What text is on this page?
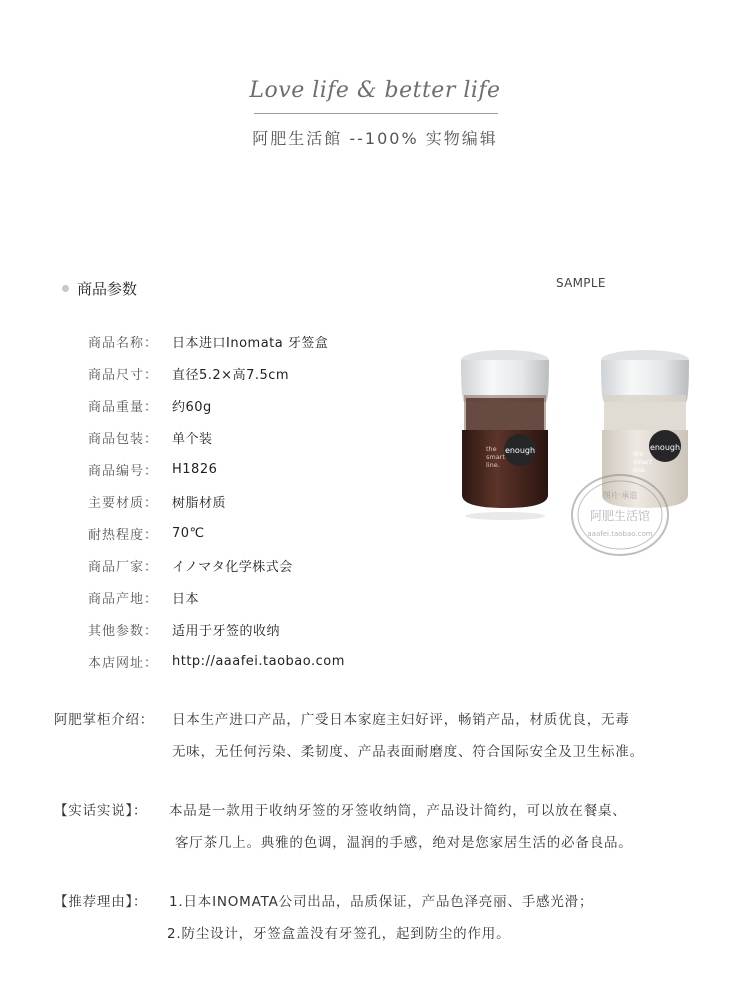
Love life & better life
阿肥生活館 --100% 实物编辑
商品参数	SAMPLE
商品名称：	日本进口Inomata 牙签盒
商品尺寸：	直径5.2×高7.5cm
商品重量：	约60g
商品包装：	单个装
商品编号：	H1826
主要材质：	树脂材质
耐热程度：	70℃
商品厂家：	イノマタ化学株式会
商品产地：	日本
其他参数：	适用于牙签的收纳
本店网址：	http://aaafei.taobao.com
enough
the
smart
line.
enough
the
smart
line.
图片·承造
阿肥生活馆
aaafei.taobao.com
阿肥掌柜介绍： 日本生产进口产品，广受日本家庭主妇好评，畅销产品，材质优良，无毒
无味，无任何污染、柔韧度、产品表面耐磨度、符合国际安全及卫生标准。
【实话实说】： 本品是一款用于收纳牙签的牙签收纳筒，产品设计简约，可以放在餐桌、
客厅茶几上。典雅的色调，温润的手感，绝对是您家居生活的必备良品。
【推荐理由】： 1.日本INOMATA公司出品，品质保证，产品色泽亮丽、手感光滑；
2.防尘设计，牙签盒盖没有牙签孔，起到防尘的作用。
